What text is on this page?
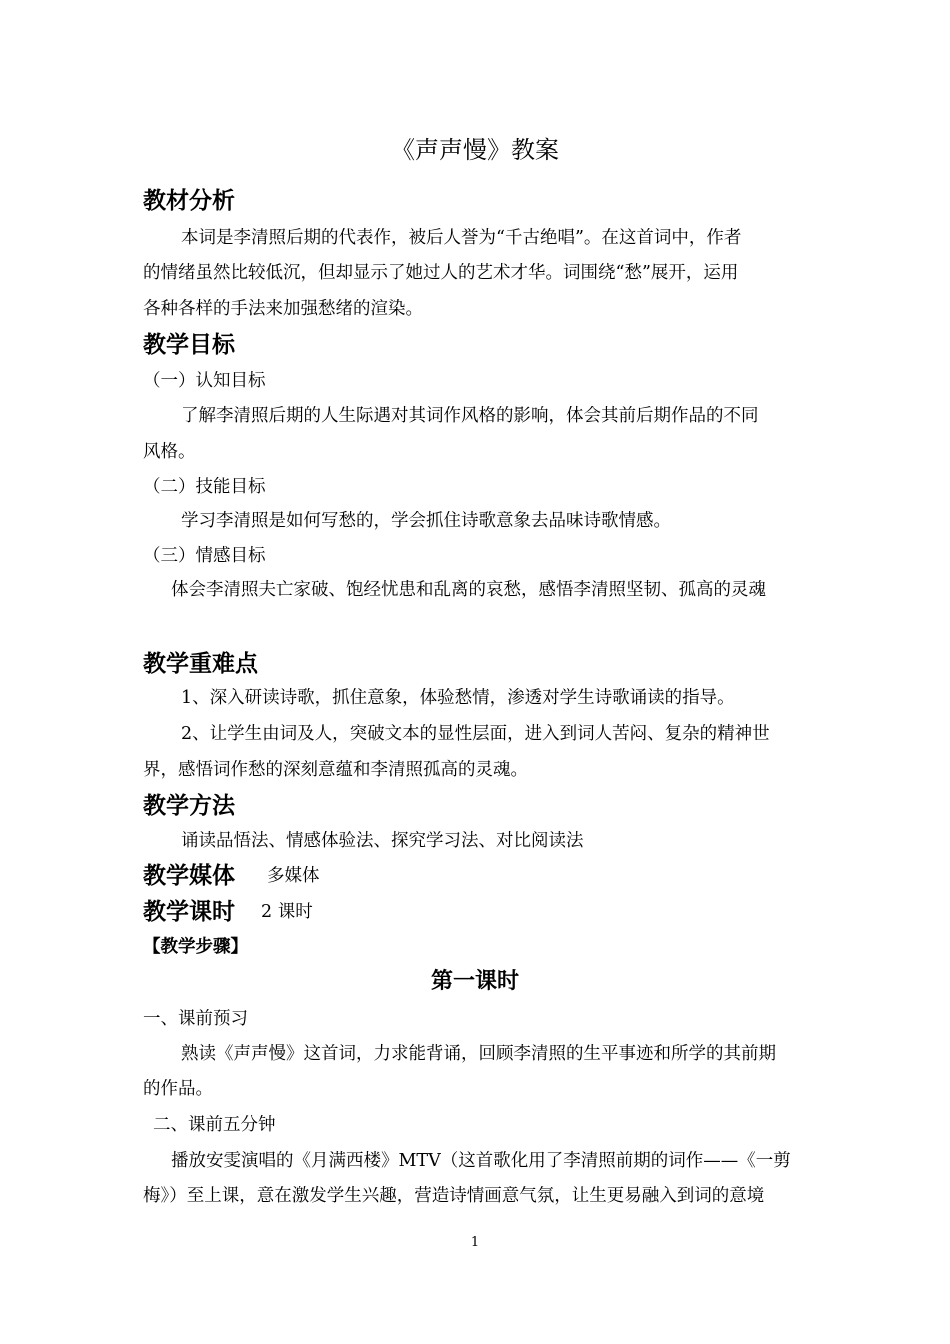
《声声慢》教案
教材分析
本词是李清照后期的代表作，被后人誉为“千古绝唱”。在这首词中，作者
的情绪虽然比较低沉，但却显示了她过人的艺术才华。词围绕“愁”展开，运用
各种各样的手法来加强愁绪的渲染。
教学目标
（一）认知目标
了解李清照后期的人生际遇对其词作风格的影响，体会其前后期作品的不同
风格。
（二）技能目标
学习李清照是如何写愁的，学会抓住诗歌意象去品味诗歌情感。
（三）情感目标
体会李清照夫亡家破、饱经忧患和乱离的哀愁，感悟李清照坚韧、孤高的灵魂
教学重难点
1、深入研读诗歌，抓住意象，体验愁情，渗透对学生诗歌诵读的指导。
2、让学生由词及人，突破文本的显性层面，进入到词人苦闷、复杂的精神世
界，感悟词作愁的深刻意蕴和李清照孤高的灵魂。
教学方法
诵读品悟法、情感体验法、探究学习法、对比阅读法
教学媒体 多媒体
教学课时 2 课时
【教学步骤】
第一课时
一、课前预习
熟读《声声慢》这首词，力求能背诵，回顾李清照的生平事迹和所学的其前期
的作品。
二、课前五分钟
播放安雯演唱的《月满西楼》MTV（这首歌化用了李清照前期的词作——《一剪
梅》）至上课，意在激发学生兴趣，营造诗情画意气氛，让生更易融入到词的意境
1
